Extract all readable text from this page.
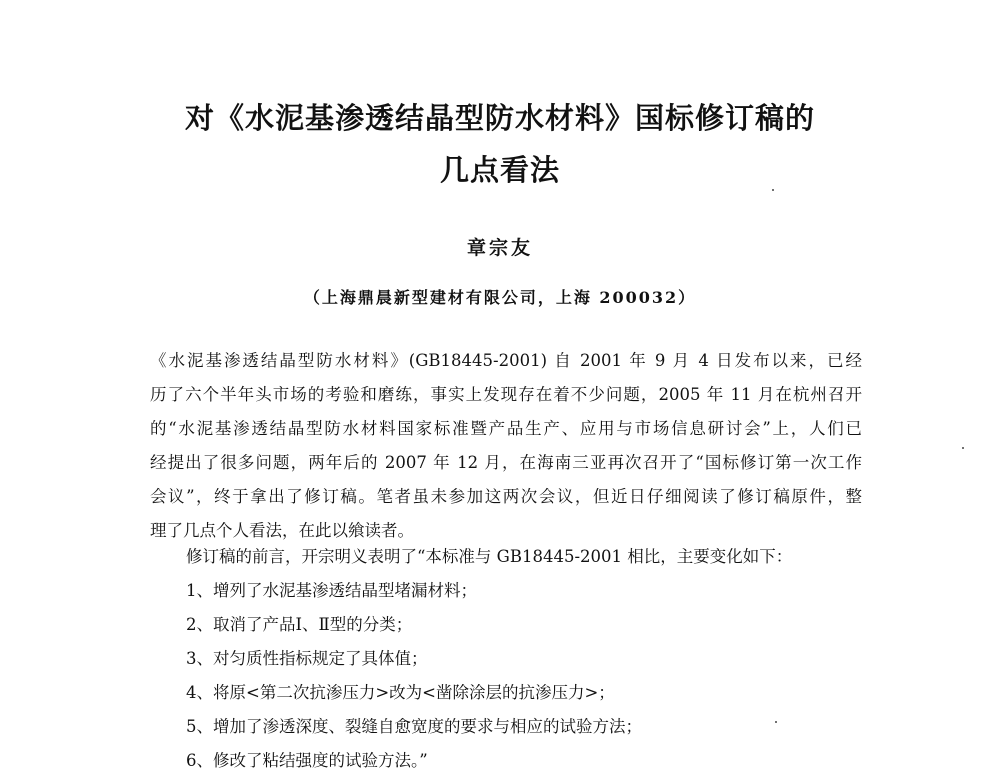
对《水泥基渗透结晶型防水材料》国标修订稿的
几点看法
章宗友
（上海鼎晨新型建材有限公司，上海 200032）
《水泥基渗透结晶型防水材料》(GB18445-2001) 自 2001 年 9 月 4 日发布以来，已经
历了六个半年头市场的考验和磨练，事实上发现存在着不少问题，2005 年 11 月在杭州召开
的“水泥基渗透结晶型防水材料国家标准暨产品生产、应用与市场信息研讨会”上，人们已
经提出了很多问题，两年后的 2007 年 12 月，在海南三亚再次召开了“国标修订第一次工作
会议”，终于拿出了修订稿。笔者虽未参加这两次会议，但近日仔细阅读了修订稿原件，整
理了几点个人看法，在此以飨读者。
修订稿的前言，开宗明义表明了“本标准与 GB18445-2001 相比，主要变化如下：
1、增列了水泥基渗透结晶型堵漏材料；
2、取消了产品Ⅰ、Ⅱ型的分类；
3、对匀质性指标规定了具体值；
4、将原<第二次抗渗压力>改为<凿除涂层的抗渗压力>；
5、增加了渗透深度、裂缝自愈宽度的要求与相应的试验方法；
6、修改了粘结强度的试验方法。”
